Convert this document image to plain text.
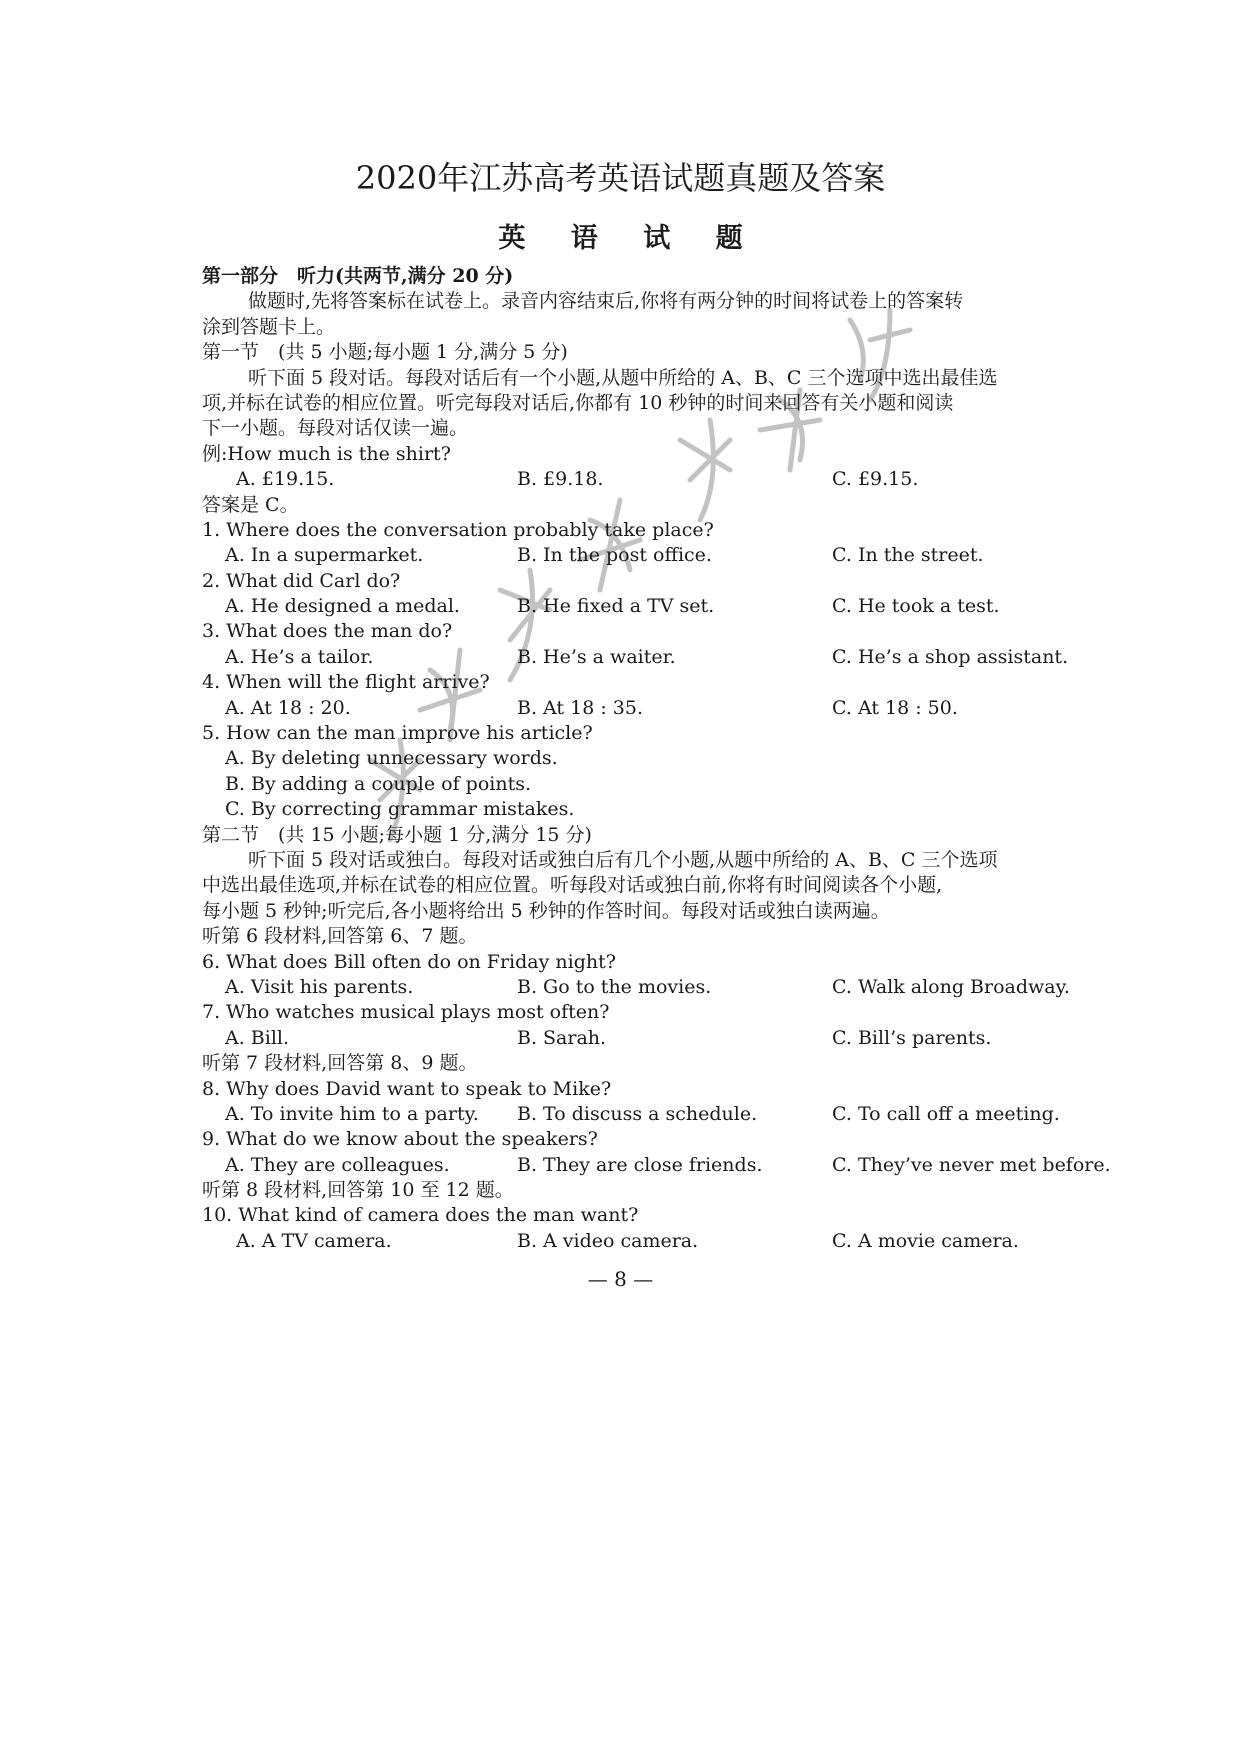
2020年江苏高考英语试题真题及答案
英 语 试 题
第一部分　听力(共两节,满分 20 分)
做题时,先将答案标在试卷上。录音内容结束后,你将有两分钟的时间将试卷上的答案转
涂到答题卡上。
第一节　(共 5 小题;每小题 1 分,满分 5 分)
听下面 5 段对话。每段对话后有一个小题,从题中所给的 A、B、C 三个选项中选出最佳选
项,并标在试卷的相应位置。听完每段对话后,你都有 10 秒钟的时间来回答有关小题和阅读
下一小题。每段对话仅读一遍。
例:How much is the shirt?
A. £19.15.	B. £9.18.	C. £9.15.
答案是 C。
1. Where does the conversation probably take place?
A. In a supermarket.	B. In the post office.	C. In the street.
2. What did Carl do?
A. He designed a medal.	B. He fixed a TV set.	C. He took a test.
3. What does the man do?
A. He’s a tailor.	B. He’s a waiter.	C. He’s a shop assistant.
4. When will the flight arrive?
A. At 18 : 20.	B. At 18 : 35.	C. At 18 : 50.
5. How can the man improve his article?
A. By deleting unnecessary words.
B. By adding a couple of points.
C. By correcting grammar mistakes.
第二节　(共 15 小题;每小题 1 分,满分 15 分)
听下面 5 段对话或独白。每段对话或独白后有几个小题,从题中所给的 A、B、C 三个选项
中选出最佳选项,并标在试卷的相应位置。听每段对话或独白前,你将有时间阅读各个小题,
每小题 5 秒钟;听完后,各小题将给出 5 秒钟的作答时间。每段对话或独白读两遍。
听第 6 段材料,回答第 6、7 题。
6. What does Bill often do on Friday night?
A. Visit his parents.	B. Go to the movies.	C. Walk along Broadway.
7. Who watches musical plays most often?
A. Bill.	B. Sarah.	C. Bill’s parents.
听第 7 段材料,回答第 8、9 题。
8. Why does David want to speak to Mike?
A. To invite him to a party. B. To discuss a schedule.	C. To call off a meeting.
9. What do we know about the speakers?
A. They are colleagues.	B. They are close friends.	C. They’ve never met before.
听第 8 段材料,回答第 10 至 12 题。
10. What kind of camera does the man want?
A. A TV camera.	B. A video camera.	C. A movie camera.
— 8 —
